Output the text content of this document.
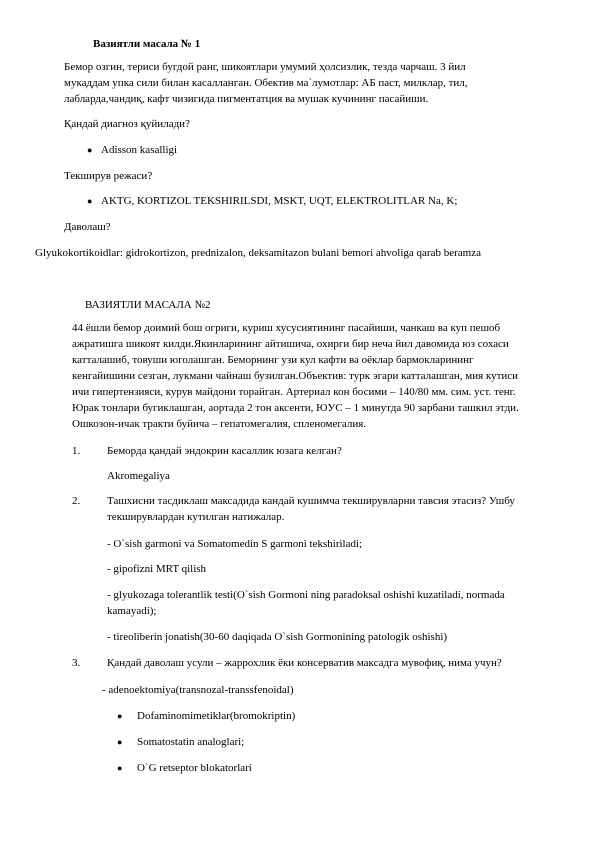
Вазиятли масала № 1
Бемор озгин, териси бугдой ранг, шикоятлари умумий ҳолсизлик, тезда чарчаш. 3 йил
мукаддам упка сили билан касалланган. Обектив ма`лумотлар: АБ паст, милклар, тил,
лабларда,чандиқ, кафт чизигида пигментатция ва мушак кучининг пасайиши.
Қандай диагноз қуйилади?
● Adisson kasalligi
Текширув режаси?
● AKTG, KORTIZOL TEKSHIRILSDI, MSKT, UQT, ELEKTROLITLAR Na, K;
Даволаш?
Glyukokortikoidlar: gidrokortizon, prednizalon, deksamitazon bulani bemori ahvoliga qarab beramza
ВАЗИЯТЛИ МАСАЛА №2
44 ёшли бемор доимий бош огриги, куриш хусусиятининг пасайиши, чанкаш ва куп пешоб
ажратишга шикоят килди.Якинларининг айтишича, охирги бир неча йил давомида юз сохаси
катталашиб, товуши юголашган. Беморнинг узи кул кафти ва оёклар бармокларининг
кенгайишини сезган, лукмани чайнаш бузилган.Объектив: турк эгари катталашган, мия кутиси
ичи гипертензияси, курув майдони торайган. Артериал кон босими – 140/80 мм. сим. уст. тенг.
Юрак тонлари бугиклашган, аортада 2 тон аксенти, ЮУС – 1 минутда 90 зарбани ташкил этди.
Ошкозон-ичак тракти буйича – гепатомегалия, спленомегалия.
1. Беморда қандай эндокрин касаллик юзага келган?
Akromegaliya
2. Ташхисни тасдиклаш максадида кандай кушимча текширувларни тавсия этасиз? Ушбу
текширувлардан кутилган натижалар.
- O`sish garmoni va Somatomedin S garmoni tekshiriladi;
- gipofizni MRT qilish
- glyukozaga tolerantlik testi(O`sish Gormoni ning paradoksal oshishi kuzatiladi, normada
kamayadi);
- tireoliberin jonatish(30-60 daqiqada O`sish Gormonining patologik oshishi)
3. Қандай даволаш усули – жаррохлик ёки консерватив максадга мувофиқ, нима учун?
- adenoektomiya(transnozal-transsfenoidal)
● Dofaminomimetiklar(bromokriptin)
● Somatostatin analoglari;
● O`G retseptor blokatorlari
